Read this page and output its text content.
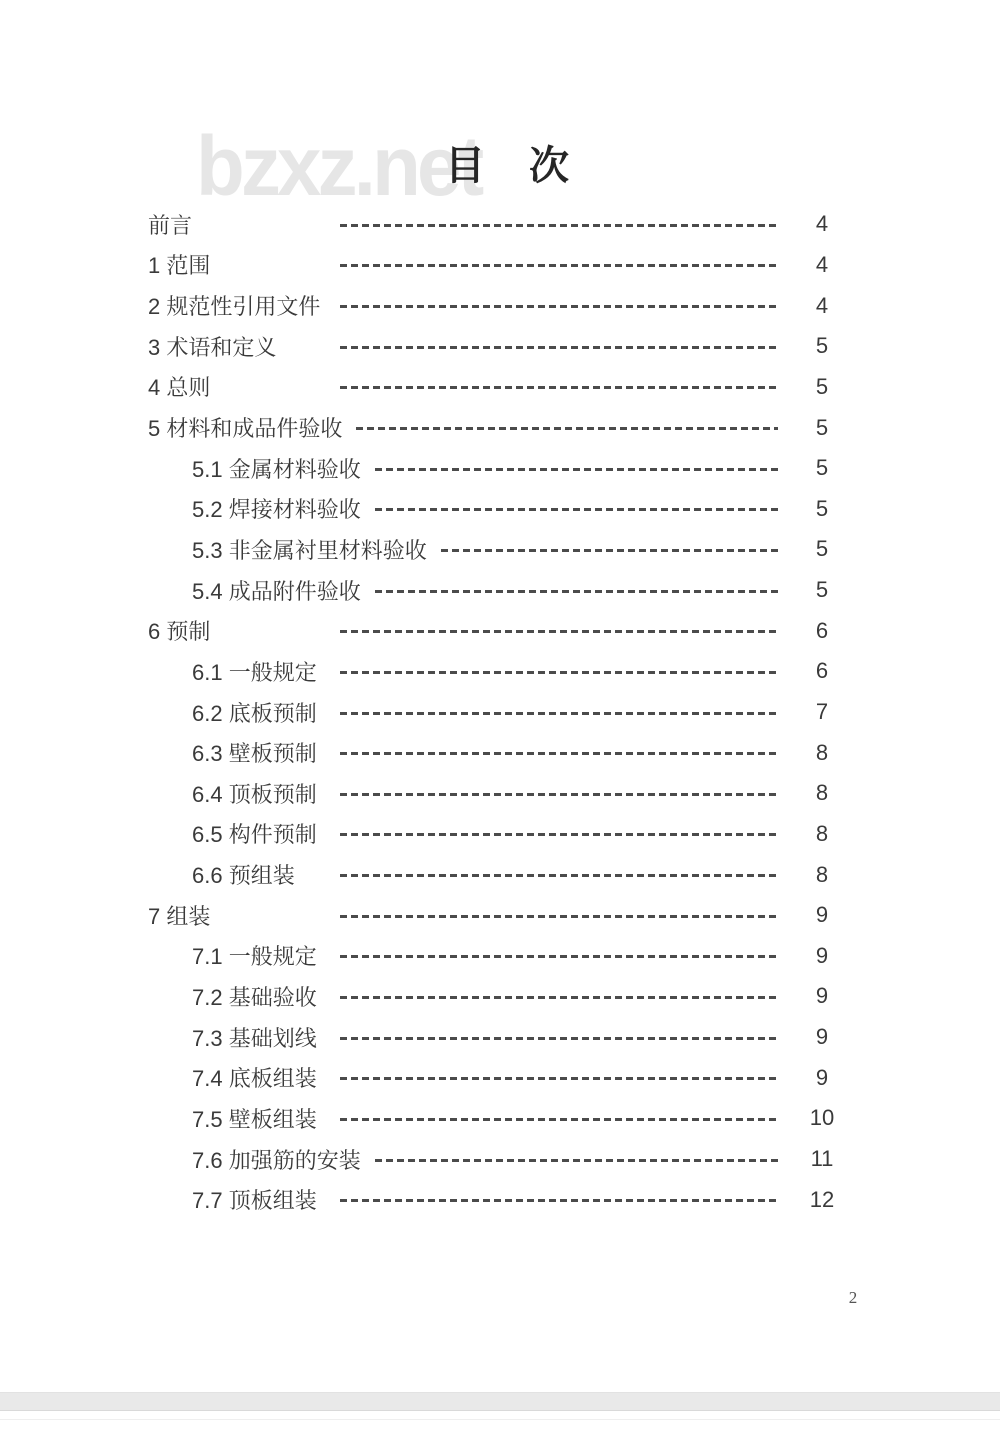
bzxz.net
目　次
前言	4
1 范围	4
2 规范性引用文件	4
3 术语和定义	5
4 总则	5
5 材料和成品件验收	5
5.1 金属材料验收	5
5.2 焊接材料验收	5
5.3 非金属衬里材料验收	5
5.4 成品附件验收	5
6 预制	6
6.1 一般规定	6
6.2 底板预制	7
6.3 壁板预制	8
6.4 顶板预制	8
6.5 构件预制	8
6.6 预组装	8
7 组装	9
7.1 一般规定	9
7.2 基础验收	9
7.3 基础划线	9
7.4 底板组装	9
7.5 壁板组装	10
7.6 加强筋的安装	11
7.7 顶板组装	12
2
